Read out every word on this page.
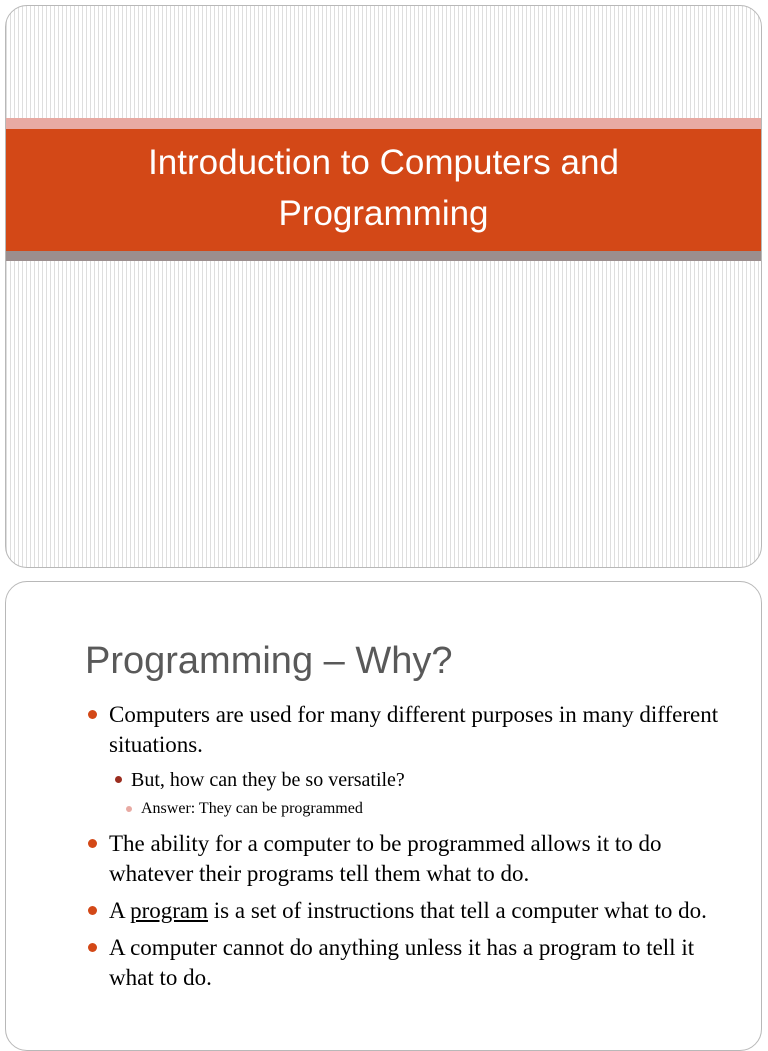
Introduction to Computers and Programming
Programming – Why?
Computers are used for many different purposes in many different situations.
But, how can they be so versatile?
Answer: They can be programmed
The ability for a computer to be programmed allows it to do whatever their programs tell them what to do.
A program is a set of instructions that tell a computer what to do.
A computer cannot do anything unless it has a program to tell it what to do.
